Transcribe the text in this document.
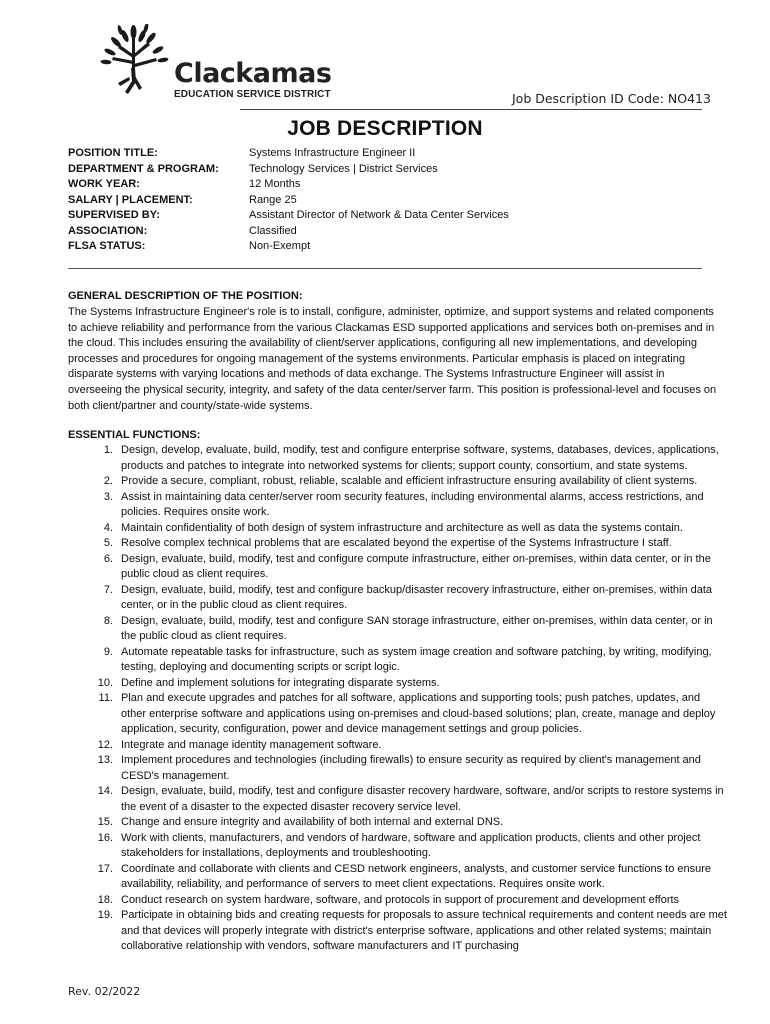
Clackamas
EDUCATION SERVICE DISTRICT	Job Description ID Code: NO413
JOB DESCRIPTION
POSITION TITLE:	Systems Infrastructure Engineer II
DEPARTMENT & PROGRAM:	Technology Services | District Services
WORK YEAR:	12 Months
SALARY | PLACEMENT:	Range 25
SUPERVISED BY:	Assistant Director of Network & Data Center Services
ASSOCIATION:	Classified
FLSA STATUS:	Non-Exempt
GENERAL DESCRIPTION OF THE POSITION:
The Systems Infrastructure Engineer's role is to install, configure, administer, optimize, and support systems and related components to achieve reliability and performance from the various Clackamas ESD supported applications and services both on-premises and in the cloud. This includes ensuring the availability of client/server applications, configuring all new implementations, and developing processes and procedures for ongoing management of the systems environments. Particular emphasis is placed on integrating disparate systems with varying locations and methods of data exchange. The Systems Infrastructure Engineer will assist in overseeing the physical security, integrity, and safety of the data center/server farm. This position is professional-level and focuses on both client/partner and county/state-wide systems.
ESSENTIAL FUNCTIONS:
1. Design, develop, evaluate, build, modify, test and configure enterprise software, systems, databases, devices, applications, products and patches to integrate into networked systems for clients; support county, consortium, and state systems.
2. Provide a secure, compliant, robust, reliable, scalable and efficient infrastructure ensuring availability of client systems.
3. Assist in maintaining data center/server room security features, including environmental alarms, access restrictions, and policies. Requires onsite work.
4. Maintain confidentiality of both design of system infrastructure and architecture as well as data the systems contain.
5. Resolve complex technical problems that are escalated beyond the expertise of the Systems Infrastructure I staff.
6. Design, evaluate, build, modify, test and configure compute infrastructure, either on-premises, within data center, or in the public cloud as client requires.
7. Design, evaluate, build, modify, test and configure backup/disaster recovery infrastructure, either on-premises, within data center, or in the public cloud as client requires.
8. Design, evaluate, build, modify, test and configure SAN storage infrastructure, either on-premises, within data center, or in the public cloud as client requires.
9. Automate repeatable tasks for infrastructure, such as system image creation and software patching, by writing, modifying, testing, deploying and documenting scripts or script logic.
10. Define and implement solutions for integrating disparate systems.
11. Plan and execute upgrades and patches for all software, applications and supporting tools; push patches, updates, and other enterprise software and applications using on-premises and cloud-based solutions; plan, create, manage and deploy application, security, configuration, power and device management settings and group policies.
12. Integrate and manage identity management software.
13. Implement procedures and technologies (including firewalls) to ensure security as required by client's management and CESD's management.
14. Design, evaluate, build, modify, test and configure disaster recovery hardware, software, and/or scripts to restore systems in the event of a disaster to the expected disaster recovery service level.
15. Change and ensure integrity and availability of both internal and external DNS.
16. Work with clients, manufacturers, and vendors of hardware, software and application products, clients and other project stakeholders for installations, deployments and troubleshooting.
17. Coordinate and collaborate with clients and CESD network engineers, analysts, and customer service functions to ensure availability, reliability, and performance of servers to meet client expectations. Requires onsite work.
18. Conduct research on system hardware, software, and protocols in support of procurement and development efforts
19. Participate in obtaining bids and creating requests for proposals to assure technical requirements and content needs are met and that devices will properly integrate with district's enterprise software, applications and other related systems; maintain collaborative relationship with vendors, software manufacturers and IT purchasing
Rev. 02/2022
